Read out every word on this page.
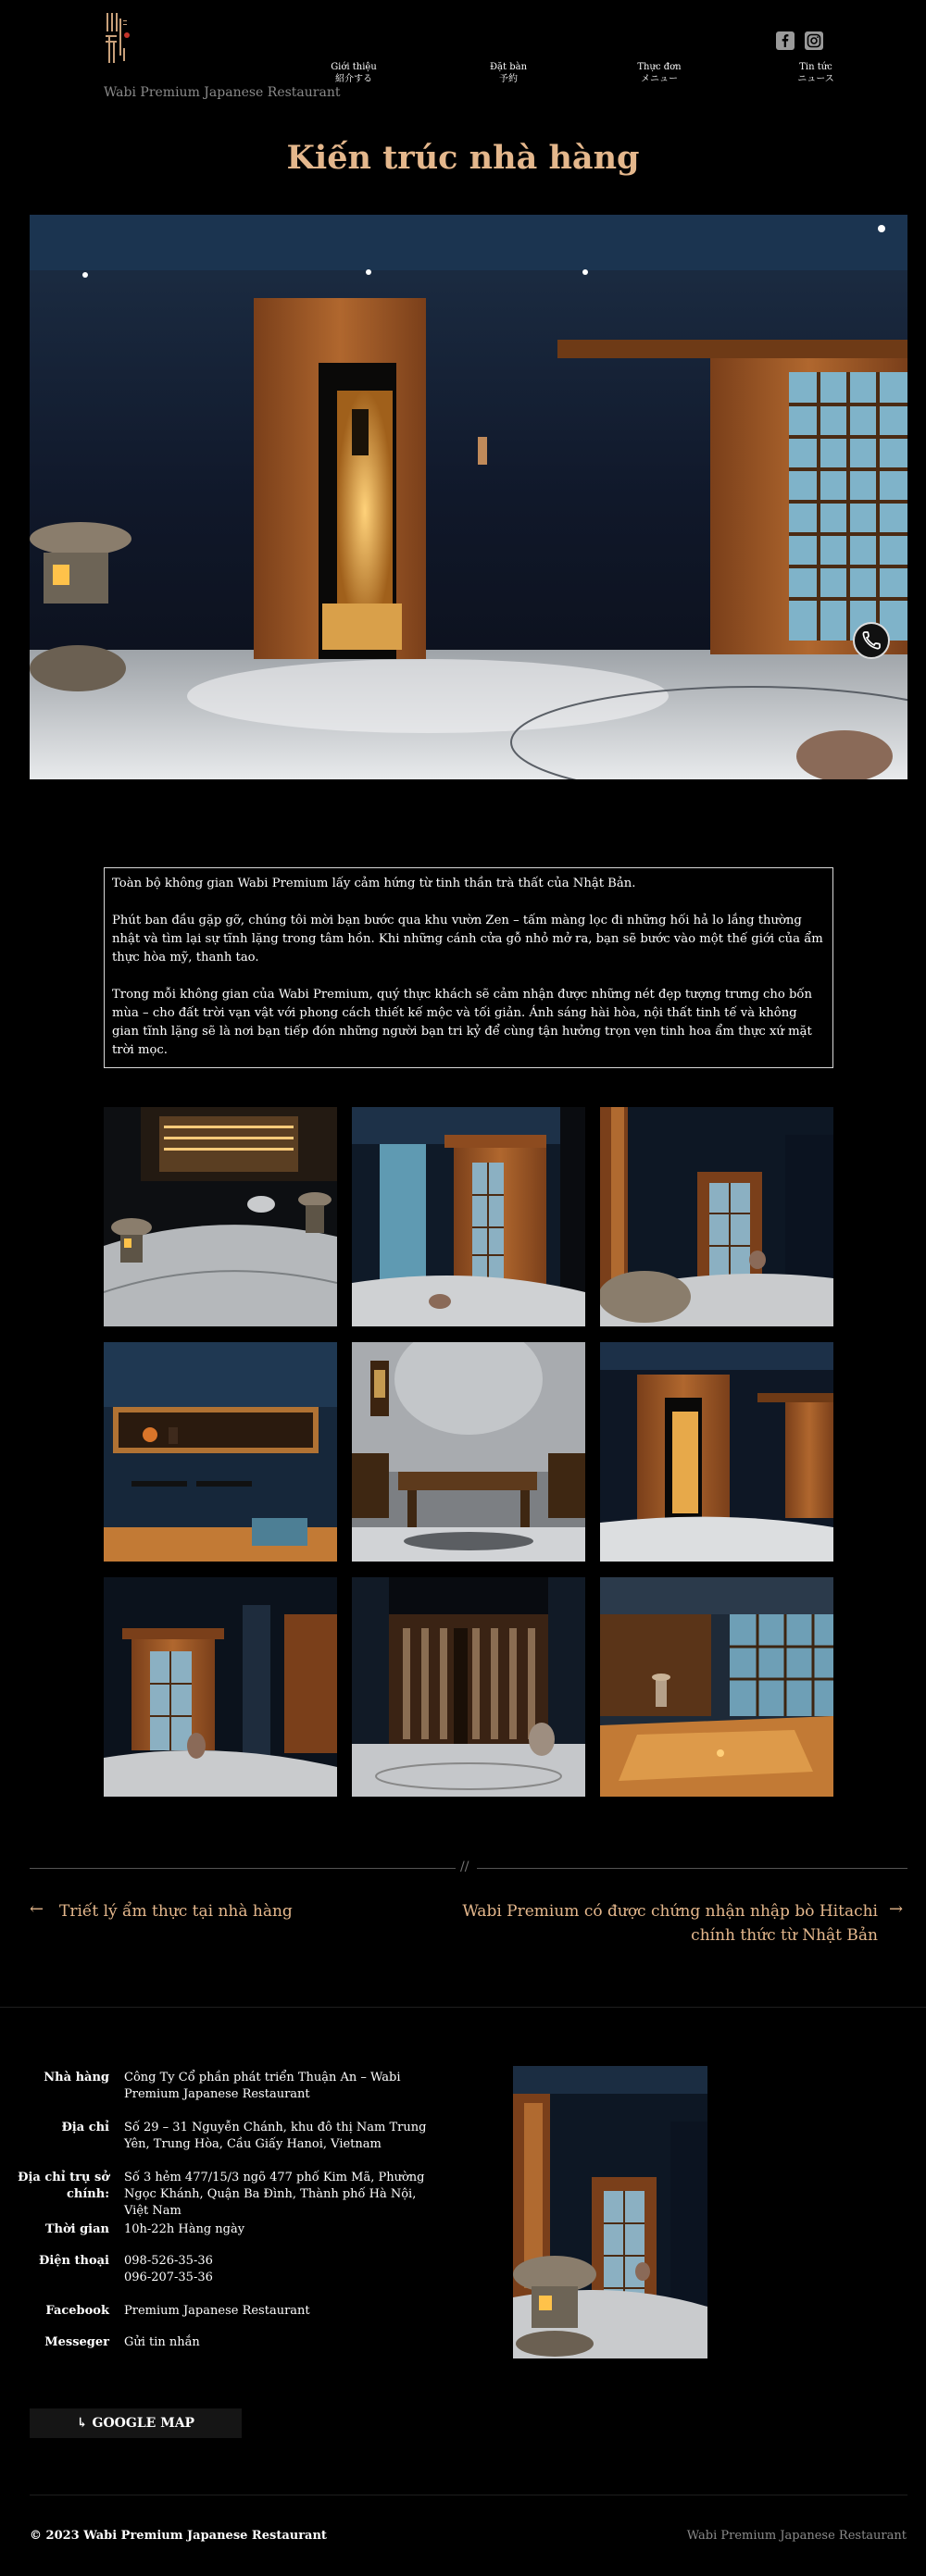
Wabi Premium Japanese Restaurant
Giới thiệu
紹介する
Đặt bàn
予約
Thực đơn
メニュー
Tin tức
ニュース
Kiến trúc nhà hàng

Toàn bộ không gian Wabi Premium lấy cảm hứng từ tinh thần trà thất của Nhật Bản.

Phút ban đầu gặp gỡ, chúng tôi mời bạn bước qua khu vườn Zen – tấm màng lọc đi những hối hả lo lắng thường nhật và tìm lại sự tĩnh lặng trong tâm hồn. Khi những cánh cửa gỗ nhỏ mở ra, bạn sẽ bước vào một thế giới của ẩm thực hòa mỹ, thanh tao.

Trong mỗi không gian của Wabi Premium, quý thực khách sẽ cảm nhận được những nét đẹp tượng trưng cho bốn mùa – cho đất trời vạn vật với phong cách thiết kế mộc và tối giản. Ánh sáng hài hòa, nội thất tinh tế và không gian tĩnh lặng sẽ là nơi bạn tiếp đón những người bạn tri kỷ để cùng tận hưởng trọn vẹn tinh hoa ẩm thực xứ mặt trời mọc.

//
← Triết lý ẩm thực tại nhà hàng	Wabi Premium có được chứng nhận nhập bò Hitachi
chính thức từ Nhật Bản
→
Nhà hàng Công Ty Cổ phần phát triển Thuận An – Wabi Premium Japanese Restaurant
Địa chỉ Số 29 – 31 Nguyễn Chánh, khu đô thị Nam Trung Yên, Trung Hòa, Cầu Giấy Hanoi, Vietnam
Địa chỉ trụ sở chính:
Số 3 hẻm 477/15/3 ngõ 477 phố Kim Mã, Phường Ngọc Khánh, Quận Ba Đình, Thành phố Hà Nội, Việt Nam
Thời gian 10h-22h Hàng ngày
Điện thoại 098-526-35-36
096-207-35-36
Facebook Premium Japanese Restaurant
Messeger Gửi tin nhắn
↳ GOOGLE MAP
© 2023 Wabi Premium Japanese Restaurant	Wabi Premium Japanese Restaurant
